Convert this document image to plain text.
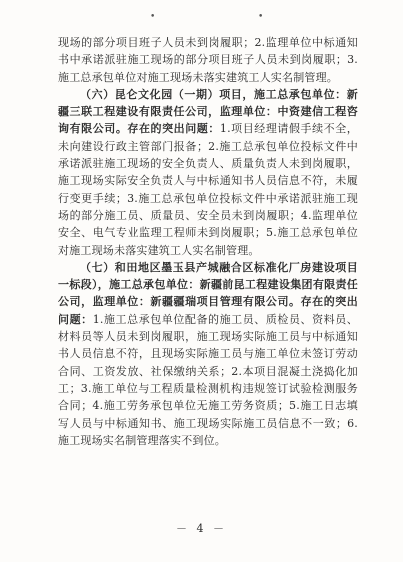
•	•

现场的部分项目班子人员未到岗履职；2.监理单位中标通知书中承诺派驻施工现场的部分项目班子人员未到岗履职；3.施工总承包单位对施工现场未落实建筑工人实名制管理。

（六）昆仑文化园（一期）项目，施工总承包单位：新疆三联工程建设有限责任公司，监理单位：中资建信工程咨询有限公司。存在的突出问题：1.项目经理请假手续不全，未向建设行政主管部门报备；2.施工总承包单位投标文件中承诺派驻施工现场的安全负责人、质量负责人未到岗履职，施工现场实际安全负责人与中标通知书人员信息不符，未履行变更手续；3.施工总承包单位投标文件中承诺派驻施工现场的部分施工员、质量员、安全员未到岗履职；4.监理单位安全、电气专业监理工程师未到岗履职；5.施工总承包单位对施工现场未落实建筑工人实名制管理。

（七）和田地区墨玉县产城融合区标准化厂房建设项目一标段），施工总承包单位：新疆前昆工程建设集团有限责任公司，监理单位：新疆疆瑞项目管理有限公司。存在的突出问题：1.施工总承包单位配备的施工员、质检员、资料员、材料员等人员未到岗履职，施工现场实际施工员与中标通知书人员信息不符，且现场实际施工员与施工单位未签订劳动合同、工资发放、社保缴纳关系；2.本项目混凝土浇捣化加工；3.施工单位与工程质量检测机构违规签订试验检测服务合同；4.施工劳务承包单位无施工劳务资质；5.施工日志填写人员与中标通知书、施工现场实际施工员信息不一致；6.施工现场实名制管理落实不到位。

－ 4 －
